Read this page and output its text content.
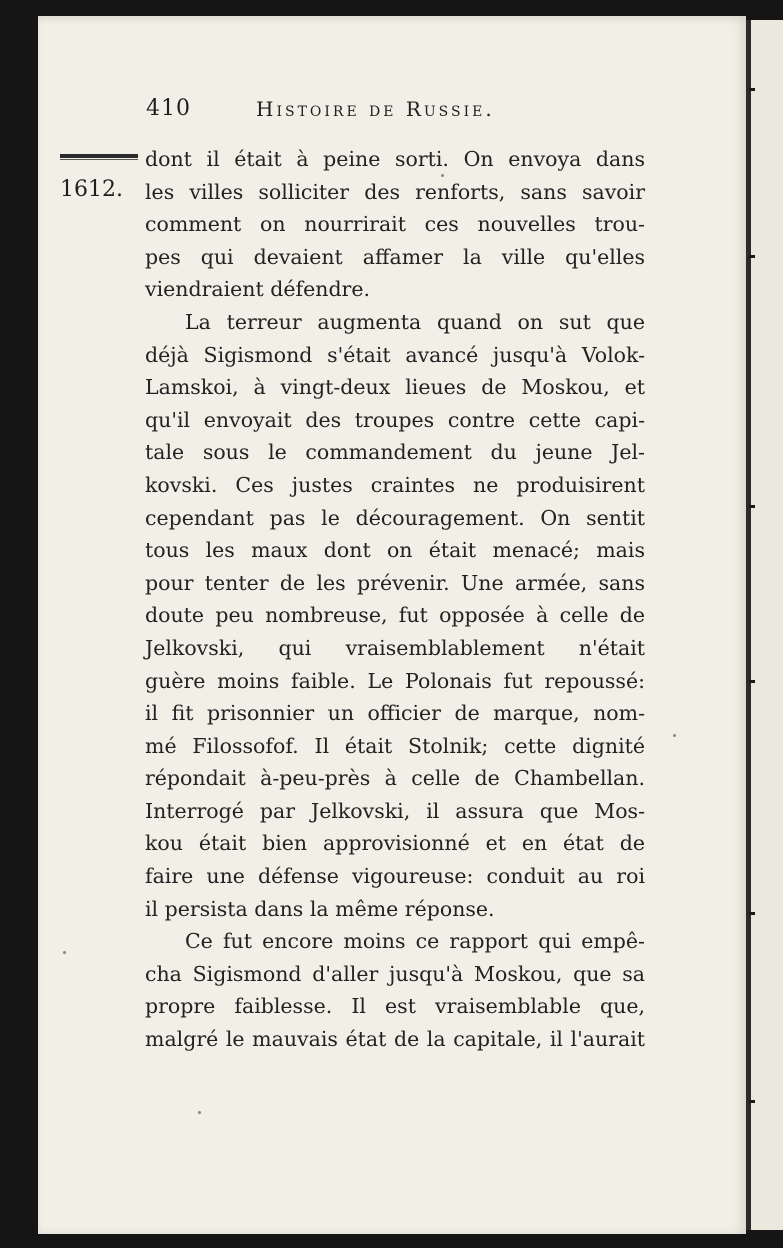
410	Histoire de Russie.
1612.
dont il était à peine sorti. On envoya dans
les villes solliciter des renforts, sans savoir
comment on nourrirait ces nouvelles trou-
pes qui devaient affamer la ville qu'elles
viendraient défendre.
La terreur augmenta quand on sut que
déjà Sigismond s'était avancé jusqu'à Volok-
Lamskoi, à vingt-deux lieues de Moskou, et
qu'il envoyait des troupes contre cette capi-
tale sous le commandement du jeune Jel-
kovski. Ces justes craintes ne produisirent
cependant pas le découragement. On sentit
tous les maux dont on était menacé; mais
pour tenter de les prévenir. Une armée, sans
doute peu nombreuse, fut opposée à celle de
Jelkovski, qui vraisemblablement n'était
guère moins faible. Le Polonais fut repoussé:
il fit prisonnier un officier de marque, nom-
mé Filossofof. Il était Stolnik; cette dignité
répondait à-peu-près à celle de Chambellan.
Interrogé par Jelkovski, il assura que Mos-
kou était bien approvisionné et en état de
faire une défense vigoureuse: conduit au roi
il persista dans la même réponse.
Ce fut encore moins ce rapport qui empê-
cha Sigismond d'aller jusqu'à Moskou, que sa
propre faiblesse. Il est vraisemblable que,
malgré le mauvais état de la capitale, il l'aurait
